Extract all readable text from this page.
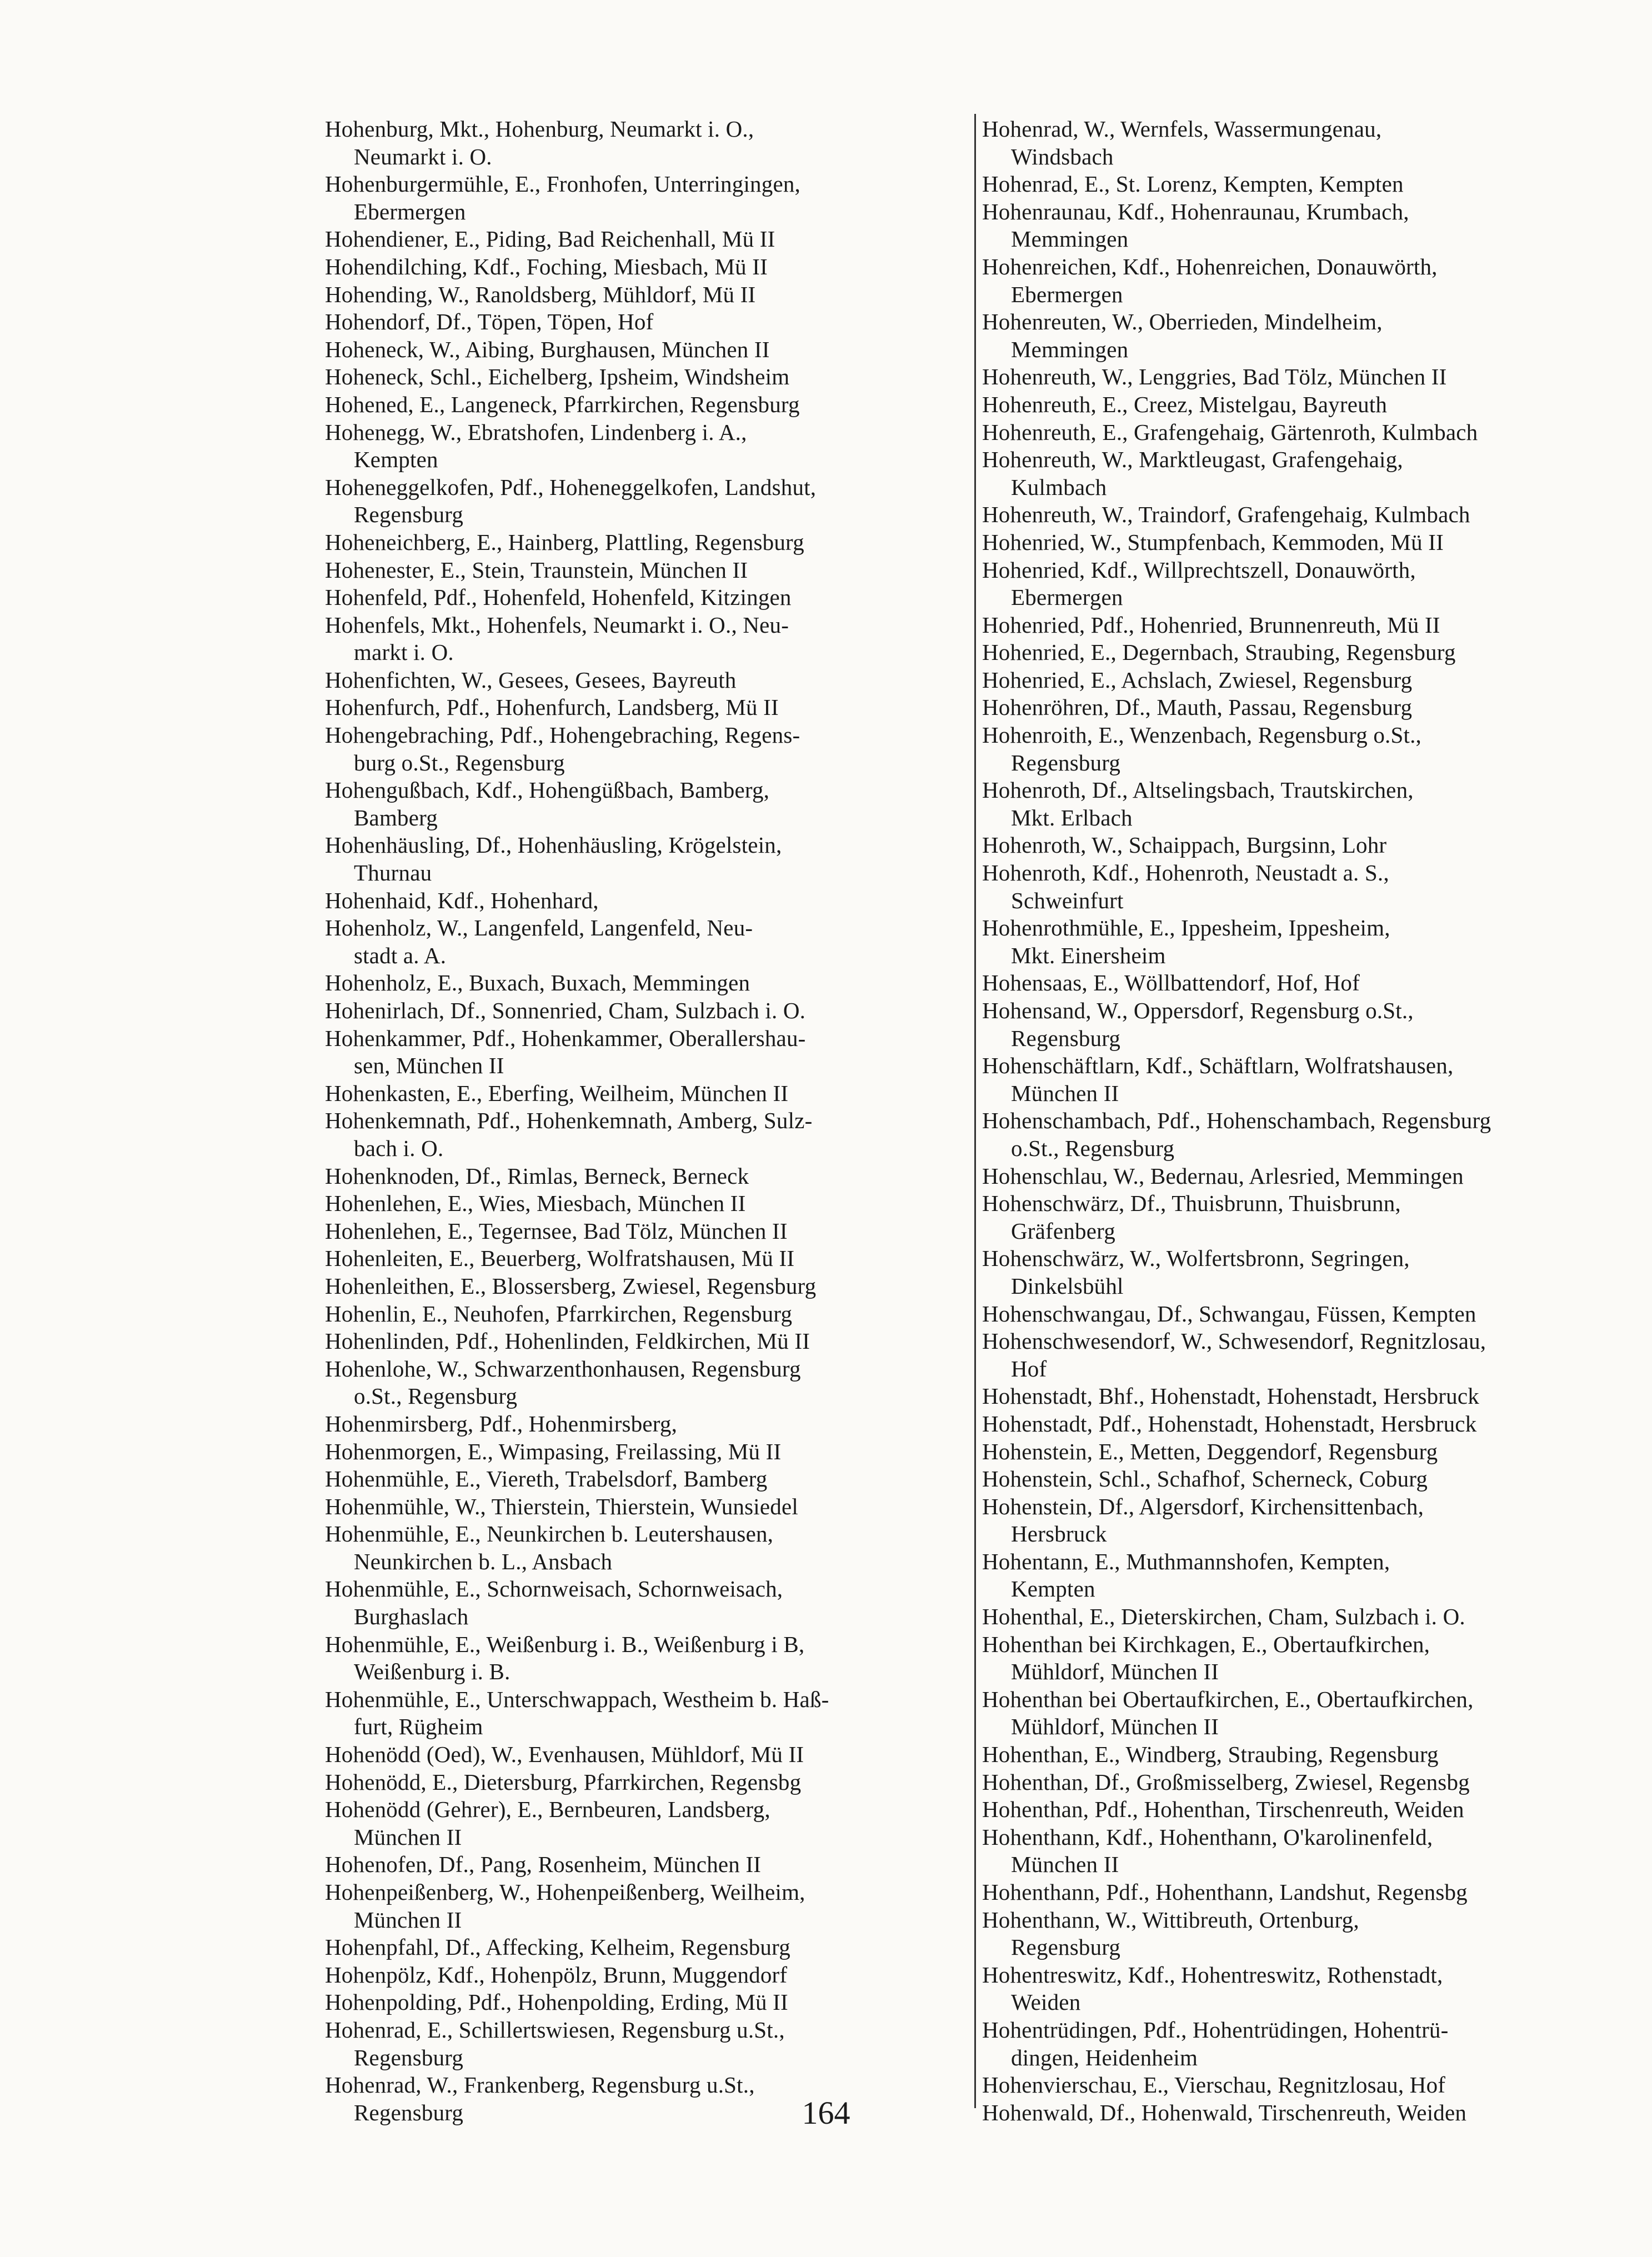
Hohenburg, Mkt., Hohenburg, Neumarkt i. O.,
Neumarkt i. O.
Hohenburgermühle, E., Fronhofen, Unterringingen,
Ebermergen
Hohendiener, E., Piding, Bad Reichenhall, Mü II
Hohendilching, Kdf., Foching, Miesbach, Mü II
Hohending, W., Ranoldsberg, Mühldorf, Mü II
Hohendorf, Df., Töpen, Töpen, Hof
Hoheneck, W., Aibing, Burghausen, München II
Hoheneck, Schl., Eichelberg, Ipsheim, Windsheim
Hohened, E., Langeneck, Pfarrkirchen, Regensburg
Hohenegg, W., Ebratshofen, Lindenberg i. A.,
Kempten
Hoheneggelkofen, Pdf., Hoheneggelkofen, Landshut,
Regensburg
Hoheneichberg, E., Hainberg, Plattling, Regensburg
Hohenester, E., Stein, Traunstein, München II
Hohenfeld, Pdf., Hohenfeld, Hohenfeld, Kitzingen
Hohenfels, Mkt., Hohenfels, Neumarkt i. O., Neu-
markt i. O.
Hohenfichten, W., Gesees, Gesees, Bayreuth
Hohenfurch, Pdf., Hohenfurch, Landsberg, Mü II
Hohengebraching, Pdf., Hohengebraching, Regens-
burg o.St., Regensburg
Hohengußbach, Kdf., Hohengüßbach, Bamberg,
Bamberg
Hohenhäusling, Df., Hohenhäusling, Krögelstein,
Thurnau
Hohenhaid, Kdf., Hohenhard,
Hohenholz, W., Langenfeld, Langenfeld, Neu-
stadt a. A.
Hohenholz, E., Buxach, Buxach, Memmingen
Hohenirlach, Df., Sonnenried, Cham, Sulzbach i. O.
Hohenkammer, Pdf., Hohenkammer, Oberallershau-
sen, München II
Hohenkasten, E., Eberfing, Weilheim, München II
Hohenkemnath, Pdf., Hohenkemnath, Amberg, Sulz-
bach i. O.
Hohenknoden, Df., Rimlas, Berneck, Berneck
Hohenlehen, E., Wies, Miesbach, München II
Hohenlehen, E., Tegernsee, Bad Tölz, München II
Hohenleiten, E., Beuerberg, Wolfratshausen, Mü II
Hohenleithen, E., Blossersberg, Zwiesel, Regensburg
Hohenlin, E., Neuhofen, Pfarrkirchen, Regensburg
Hohenlinden, Pdf., Hohenlinden, Feldkirchen, Mü II
Hohenlohe, W., Schwarzenthonhausen, Regensburg
o.St., Regensburg
Hohenmirsberg, Pdf., Hohenmirsberg,
Hohenmorgen, E., Wimpasing, Freilassing, Mü II
Hohenmühle, E., Viereth, Trabelsdorf, Bamberg
Hohenmühle, W., Thierstein, Thierstein, Wunsiedel
Hohenmühle, E., Neunkirchen b. Leutershausen,
Neunkirchen b. L., Ansbach
Hohenmühle, E., Schornweisach, Schornweisach,
Burghaslach
Hohenmühle, E., Weißenburg i. B., Weißenburg i B,
Weißenburg i. B.
Hohenmühle, E., Unterschwappach, Westheim b. Haß-
furt, Rügheim
Hohenödd (Oed), W., Evenhausen, Mühldorf, Mü II
Hohenödd, E., Dietersburg, Pfarrkirchen, Regensbg
Hohenödd (Gehrer), E., Bernbeuren, Landsberg,
München II
Hohenofen, Df., Pang, Rosenheim, München II
Hohenpeißenberg, W., Hohenpeißenberg, Weilheim,
München II
Hohenpfahl, Df., Affecking, Kelheim, Regensburg
Hohenpölz, Kdf., Hohenpölz, Brunn, Muggendorf
Hohenpolding, Pdf., Hohenpolding, Erding, Mü II
Hohenrad, E., Schillertswiesen, Regensburg u.St.,
Regensburg
Hohenrad, W., Frankenberg, Regensburg u.St.,
Regensburg
Hohenrad, W., Wernfels, Wassermungenau,
Windsbach
Hohenrad, E., St. Lorenz, Kempten, Kempten
Hohenraunau, Kdf., Hohenraunau, Krumbach,
Memmingen
Hohenreichen, Kdf., Hohenreichen, Donauwörth,
Ebermergen
Hohenreuten, W., Oberrieden, Mindelheim,
Memmingen
Hohenreuth, W., Lenggries, Bad Tölz, München II
Hohenreuth, E., Creez, Mistelgau, Bayreuth
Hohenreuth, E., Grafengehaig, Gärtenroth, Kulmbach
Hohenreuth, W., Marktleugast, Grafengehaig,
Kulmbach
Hohenreuth, W., Traindorf, Grafengehaig, Kulmbach
Hohenried, W., Stumpfenbach, Kemmoden, Mü II
Hohenried, Kdf., Willprechtszell, Donauwörth,
Ebermergen
Hohenried, Pdf., Hohenried, Brunnenreuth, Mü II
Hohenried, E., Degernbach, Straubing, Regensburg
Hohenried, E., Achslach, Zwiesel, Regensburg
Hohenröhren, Df., Mauth, Passau, Regensburg
Hohenroith, E., Wenzenbach, Regensburg o.St.,
Regensburg
Hohenroth, Df., Altselingsbach, Trautskirchen,
Mkt. Erlbach
Hohenroth, W., Schaippach, Burgsinn, Lohr
Hohenroth, Kdf., Hohenroth, Neustadt a. S.,
Schweinfurt
Hohenrothmühle, E., Ippesheim, Ippesheim,
Mkt. Einersheim
Hohensaas, E., Wöllbattendorf, Hof, Hof
Hohensand, W., Oppersdorf, Regensburg o.St.,
Regensburg
Hohenschäftlarn, Kdf., Schäftlarn, Wolfratshausen,
München II
Hohenschambach, Pdf., Hohenschambach, Regensburg
o.St., Regensburg
Hohenschlau, W., Bedernau, Arlesried, Memmingen
Hohenschwärz, Df., Thuisbrunn, Thuisbrunn,
Gräfenberg
Hohenschwärz, W., Wolfertsbronn, Segringen,
Dinkelsbühl
Hohenschwangau, Df., Schwangau, Füssen, Kempten
Hohenschwesendorf, W., Schwesendorf, Regnitzlosau,
Hof
Hohenstadt, Bhf., Hohenstadt, Hohenstadt, Hersbruck
Hohenstadt, Pdf., Hohenstadt, Hohenstadt, Hersbruck
Hohenstein, E., Metten, Deggendorf, Regensburg
Hohenstein, Schl., Schafhof, Scherneck, Coburg
Hohenstein, Df., Algersdorf, Kirchensittenbach,
Hersbruck
Hohentann, E., Muthmannshofen, Kempten,
Kempten
Hohenthal, E., Dieterskirchen, Cham, Sulzbach i. O.
Hohenthan bei Kirchkagen, E., Obertaufkirchen,
Mühldorf, München II
Hohenthan bei Obertaufkirchen, E., Obertaufkirchen,
Mühldorf, München II
Hohenthan, E., Windberg, Straubing, Regensburg
Hohenthan, Df., Großmisselberg, Zwiesel, Regensbg
Hohenthan, Pdf., Hohenthan, Tirschenreuth, Weiden
Hohenthann, Kdf., Hohenthann, O'karolinenfeld,
München II
Hohenthann, Pdf., Hohenthann, Landshut, Regensbg
Hohenthann, W., Wittibreuth, Ortenburg,
Regensburg
Hohentreswitz, Kdf., Hohentreswitz, Rothenstadt,
Weiden
Hohentrüdingen, Pdf., Hohentrüdingen, Hohentrü-
dingen, Heidenheim
Hohenvierschau, E., Vierschau, Regnitzlosau, Hof
Hohenwald, Df., Hohenwald, Tirschenreuth, Weiden
164
